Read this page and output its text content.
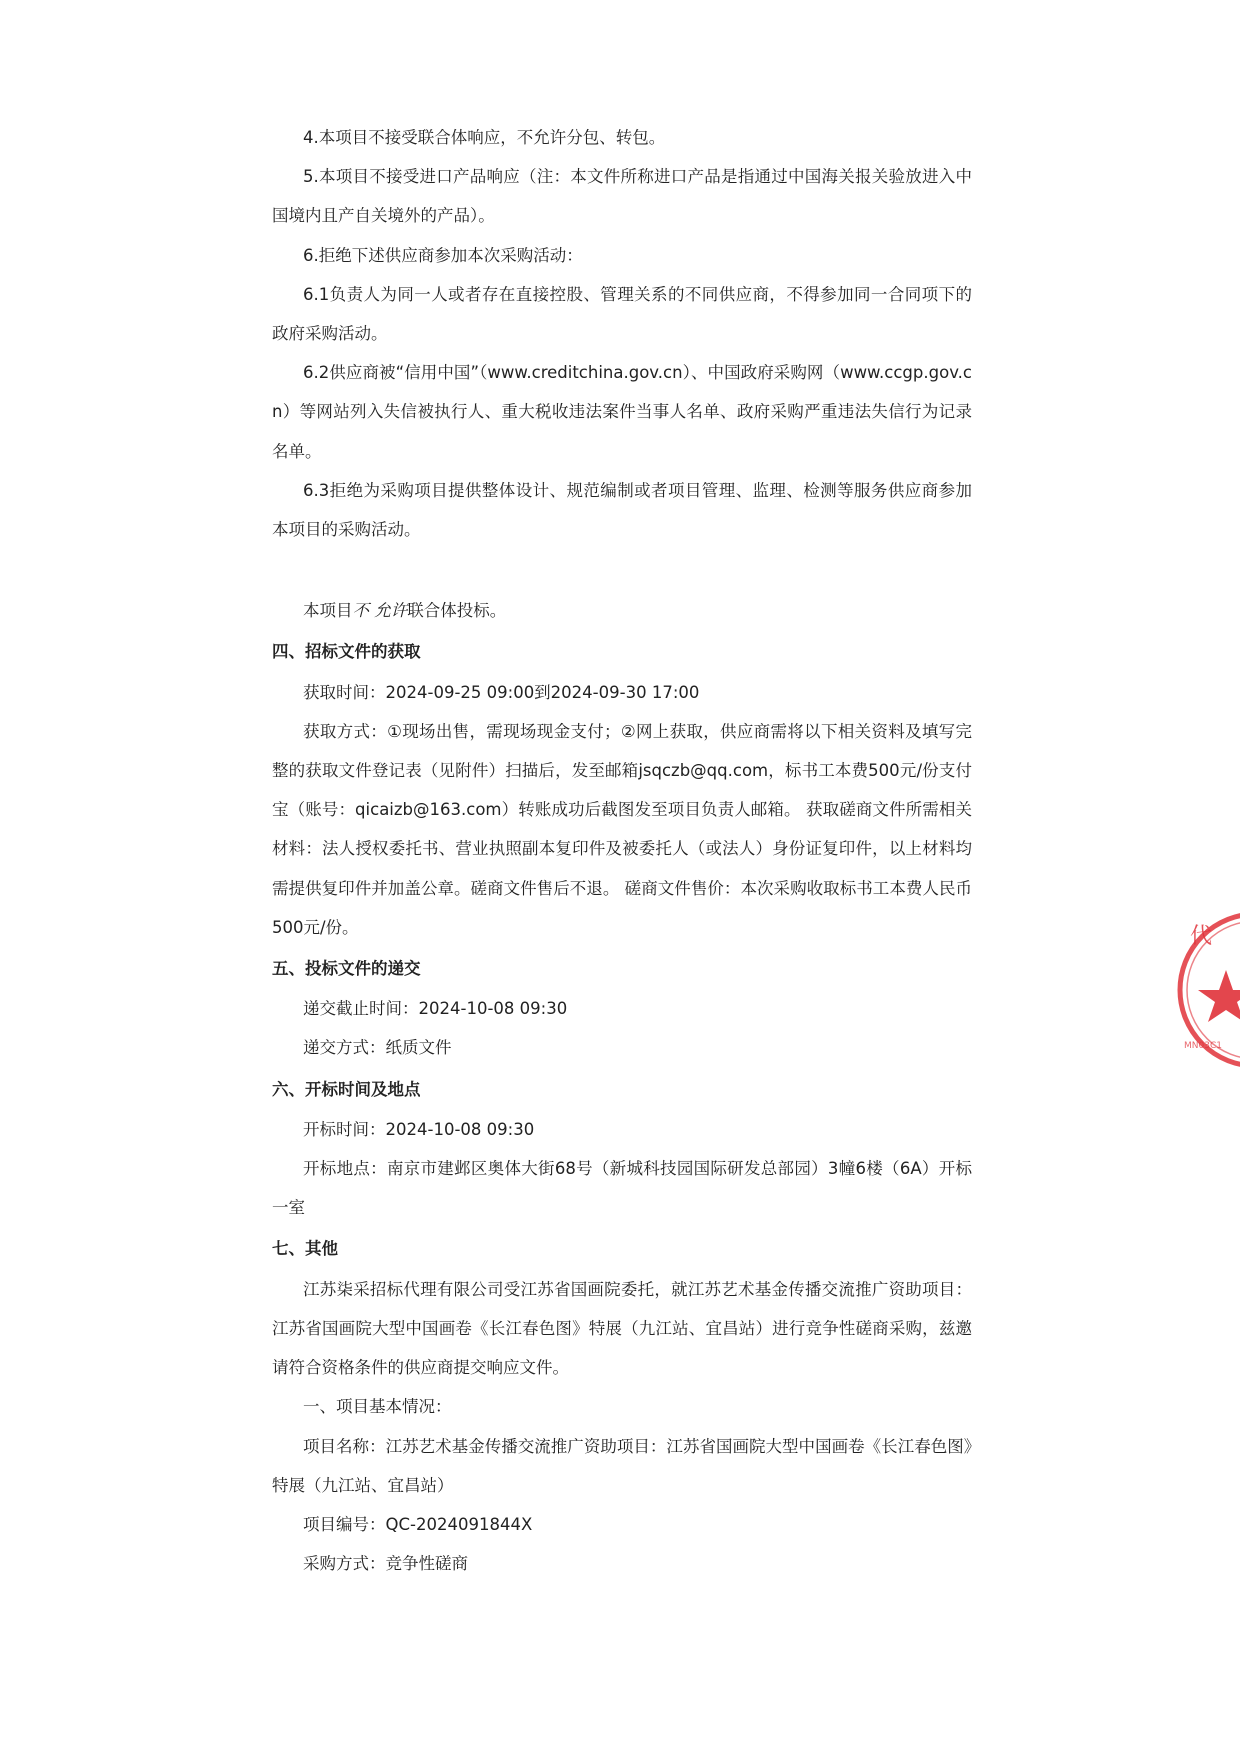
4.本项目不接受联合体响应，不允许分包、转包。

5.本项目不接受进口产品响应（注：本文件所称进口产品是指通过中国海关报关验放进入中国境内且产自关境外的产品）。

6.拒绝下述供应商参加本次采购活动：

6.1负责人为同一人或者存在直接控股、管理关系的不同供应商，不得参加同一合同项下的政府采购活动。

6.2供应商被“信用中国”（www.creditchina.gov.cn）、中国政府采购网（www.ccgp.gov.cn）等网站列入失信被执行人、重大税收违法案件当事人名单、政府采购严重违法失信行为记录名单。

6.3拒绝为采购项目提供整体设计、规范编制或者项目管理、监理、检测等服务供应商参加本项目的采购活动。

本项目不 允许联合体投标。

四、招标文件的获取

获取时间：2024-09-25 09:00到2024-09-30 17:00

获取方式：①现场出售，需现场现金支付；②网上获取，供应商需将以下相关资料及填写完整的获取文件登记表（见附件）扫描后，发至邮箱jsqczb@qq.com，标书工本费500元/份支付宝（账号：qicaizb@163.com）转账成功后截图发至项目负责人邮箱。 获取磋商文件所需相关材料：法人授权委托书、营业执照副本复印件及被委托人（或法人）身份证复印件，以上材料均需提供复印件并加盖公章。磋商文件售后不退。 磋商文件售价：本次采购收取标书工本费人民币500元/份。

五、投标文件的递交

递交截止时间：2024-10-08 09:30

递交方式：纸质文件

六、开标时间及地点

开标时间：2024-10-08 09:30

开标地点：南京市建邺区奥体大街68号（新城科技园国际研发总部园）3幢6楼（6A）开标一室

七、其他

江苏柒采招标代理有限公司受江苏省国画院委托，就江苏艺术基金传播交流推广资助项目：江苏省国画院大型中国画卷《长江春色图》特展（九江站、宜昌站）进行竞争性磋商采购，兹邀请符合资格条件的供应商提交响应文件。

一、项目基本情况：

项目名称：江苏艺术基金传播交流推广资助项目：江苏省国画院大型中国画卷《长江春色图》特展（九江站、宜昌站）

项目编号：QC-2024091844X

采购方式：竞争性磋商

代
MN03C1
